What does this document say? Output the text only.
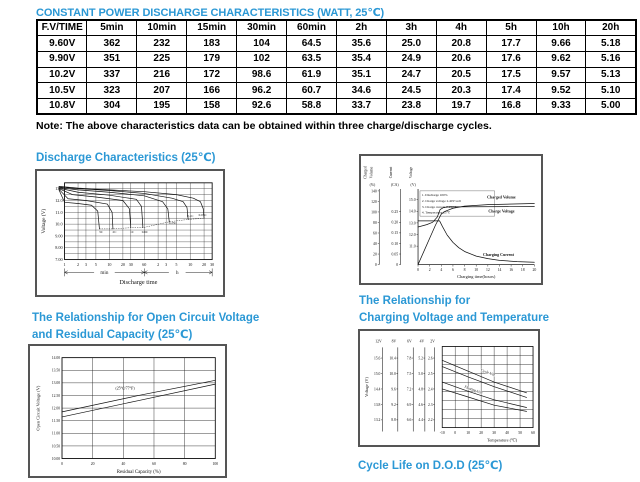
CONSTANT POWER DISCHARGE CHARACTERISTICS (WATT, 25℃)
F.V/TIME	5min	10min	15min	30min	60min	2h	3h	4h	5h	10h	20h
9.60V	362	232	183	104	64.5	35.6	25.0	20.8	17.7	9.66	5.18
9.90V	351	225	179	102	63.5	35.4	24.9	20.6	17.6	9.62	5.16
10.2V	337	216	172	98.6	61.9	35.1	24.7	20.5	17.5	9.57	5.13
10.5V	323	207	166	96.2	60.7	34.6	24.5	20.3	17.4	9.52	5.10
10.8V	304	195	158	92.6	58.8	33.7	23.8	19.7	16.8	9.33	5.00
Note: The above characteristics data can be obtained within three charge/discharge cycles.
Discharge Characteristics (25℃)
13.0
12.0
11.0
10.0
9.00
8.00
7.00
Voltage (V)
1	2 3 5 10 20 30 60	2 3 5	10 20 30
3C	2C	1C 0.6C
0.25C
0.1C 0.05C
min	h
Discharge time
140
120
100
80
60
40
20
0
0.25
0.20
0.15
0.10
0.05
0
15.0
14.0
13.0
12.0
11.0
Charged Volume
(%)
Current
(CA)
Voltage
(V)
0 2 4 6 8 10 12 14 16 18 20
Charging time(hours)
1. Discharge 100%
2. Charge voltage 2.40V/cell
3. Charge current 0.25CA
4. Temperature 25℃
Charged Volume
Charge Voltage
Charging Current
The Relationship for
Charging Voltage and Temperature
12V	8V	6V 4V 2V
15.6
15.0
14.4
13.8
13.2
10.4
10.0
9.6
9.2
8.8
7.8
7.5
7.2
6.9
6.6
5.2
5.0
4.8
4.6
4.4
2.6
2.5
2.4
2.3
2.2
Cycle Use
Floating Use
-10 0	10 20 30 40 50 60
Temperature (℃)
Voltage (V)
The Relationship for Open Circuit Voltage
and Residual Capacity (25℃)
14.00
13.50
13.00
12.50
12.00
11.50
11.00
10.50
10.00
0	20	40	60	80	100
Residual Capacity (%)
Open Circuit Voltage (V)	(25℃/77℉)
Cycle Life on D.O.D (25℃)
